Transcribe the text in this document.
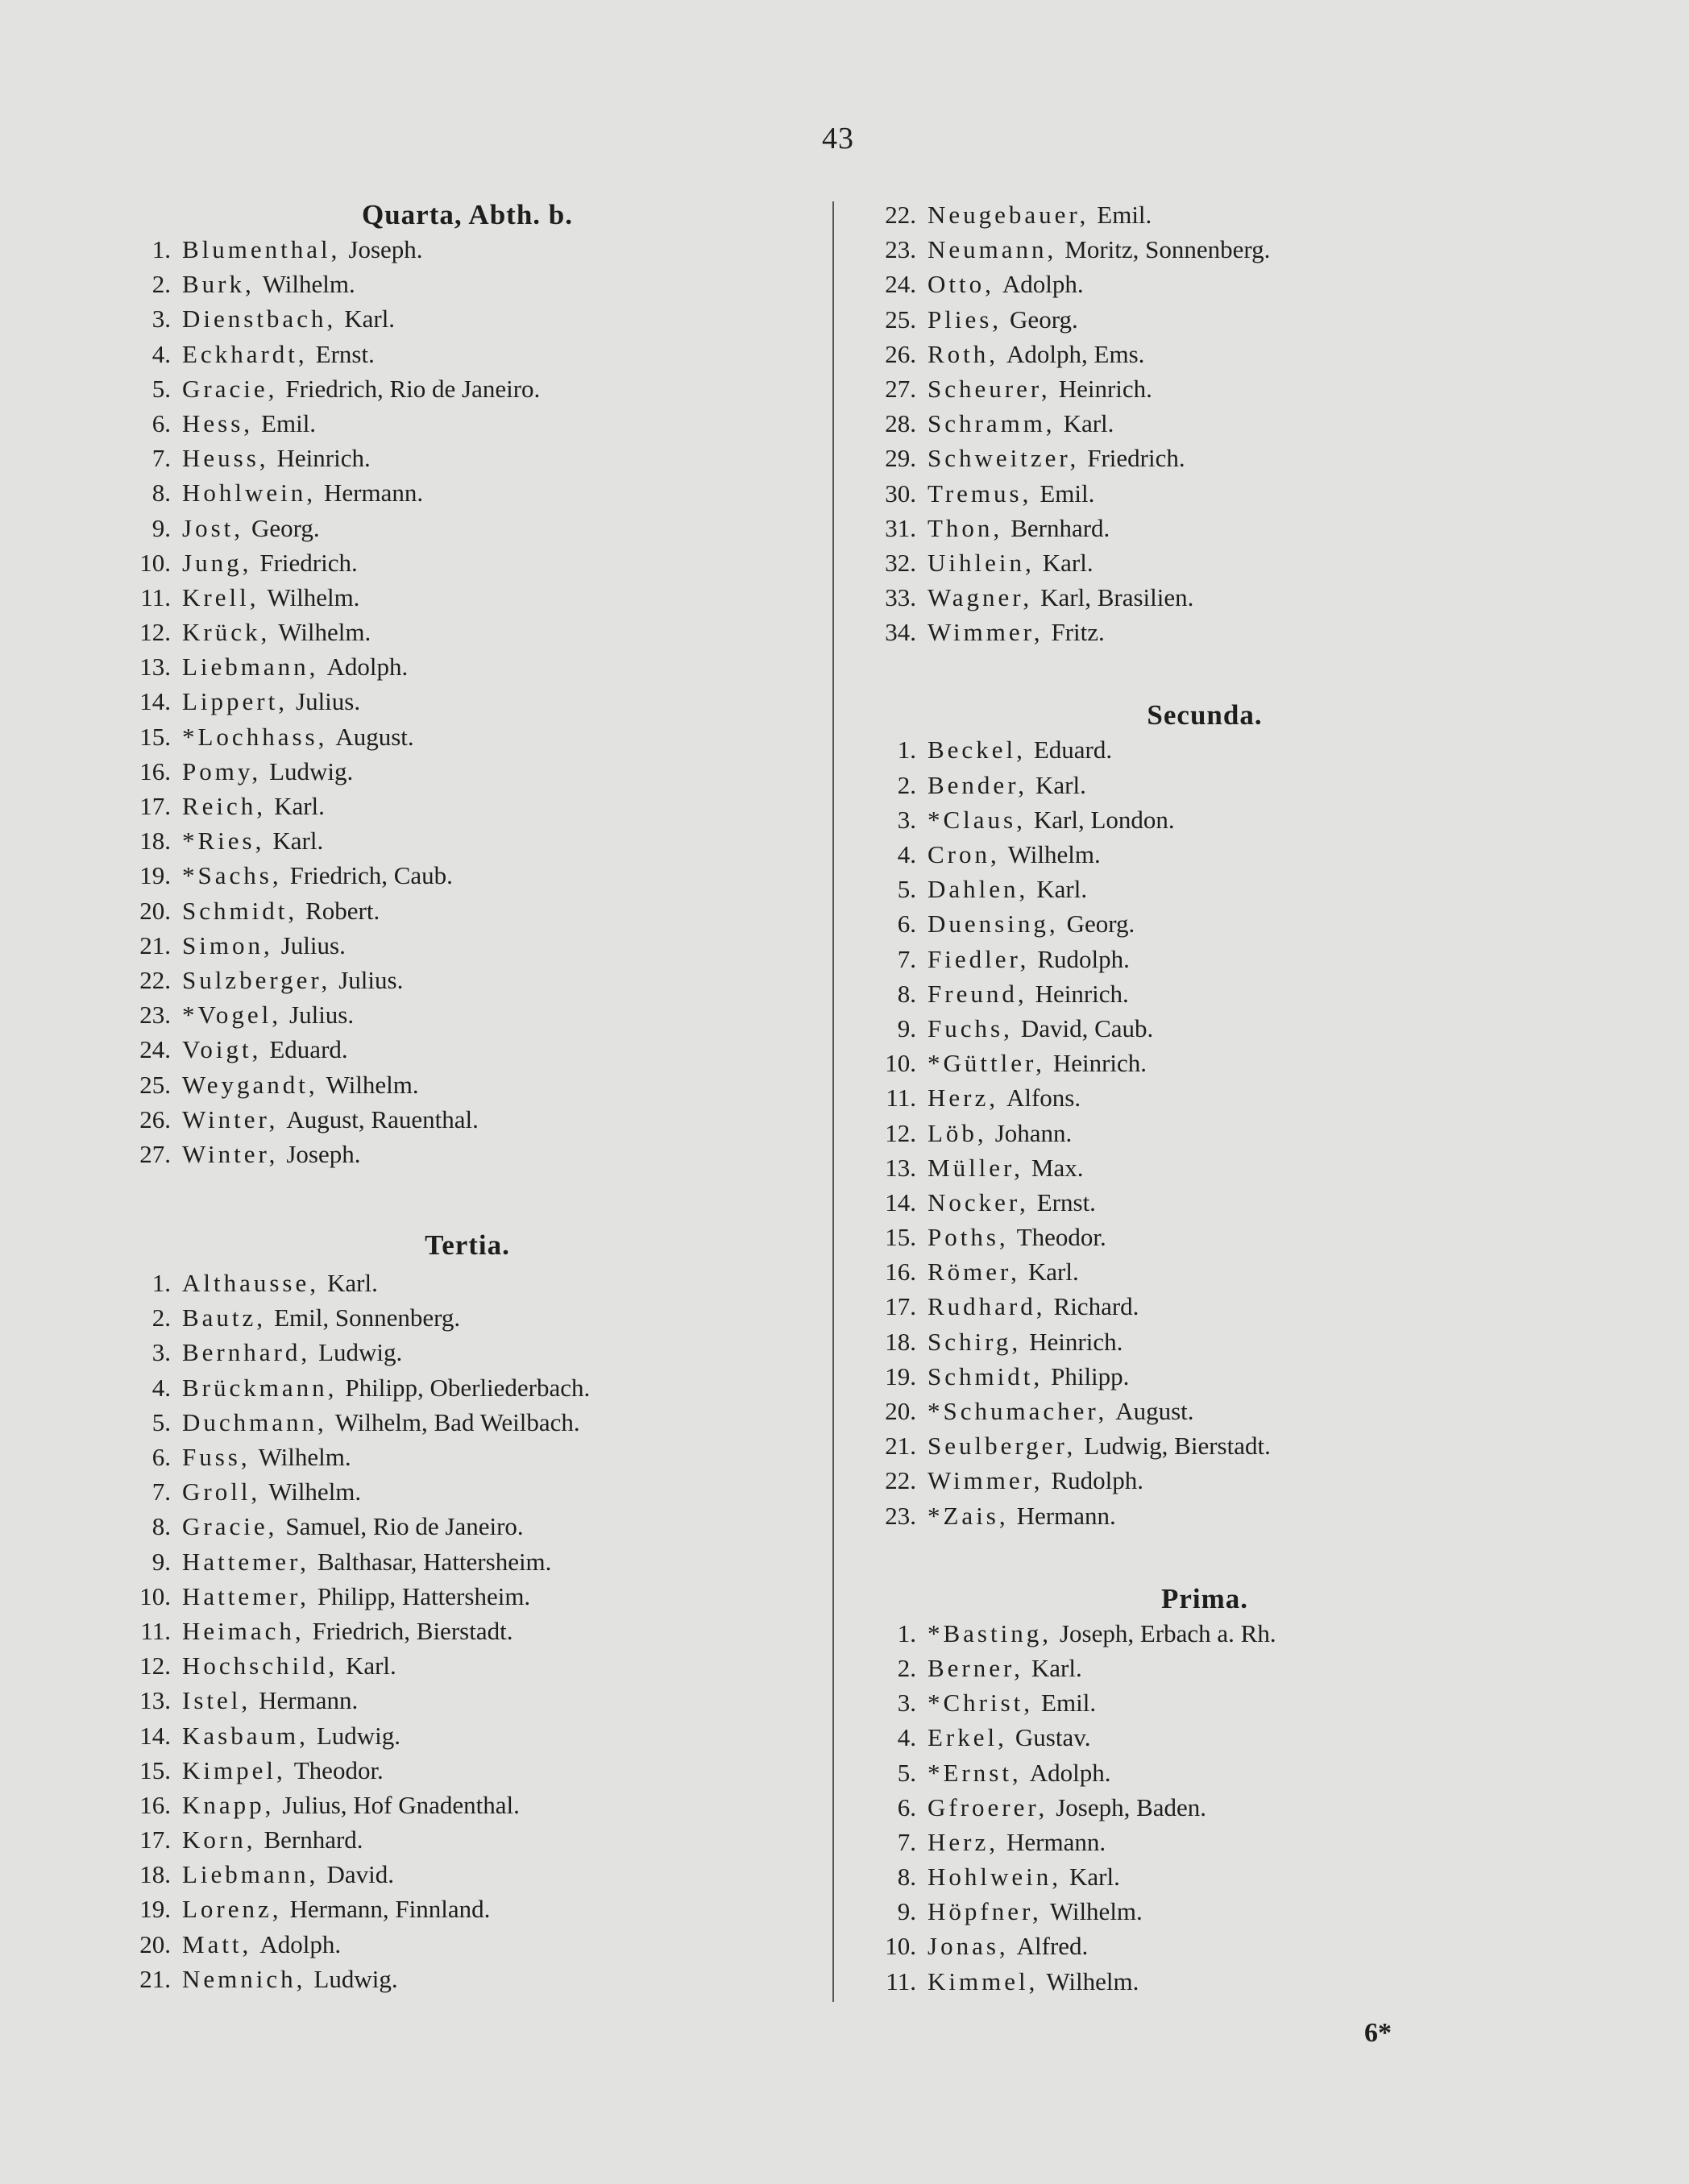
43
Quarta, Abth. b.
1. Blumenthal, Joseph.
2. Burk, Wilhelm.
3. Dienstbach, Karl.
4. Eckhardt, Ernst.
5. Gracie, Friedrich, Rio de Janeiro.
6. Hess, Emil.
7. Heuss, Heinrich.
8. Hohlwein, Hermann.
9. Jost, Georg.
10. Jung, Friedrich.
11. Krell, Wilhelm.
12. Krück, Wilhelm.
13. Liebmann, Adolph.
14. Lippert, Julius.
15. *Lochhass, August.
16. Pomy, Ludwig.
17. Reich, Karl.
18. *Ries, Karl.
19. *Sachs, Friedrich, Caub.
20. Schmidt, Robert.
21. Simon, Julius.
22. Sulzberger, Julius.
23. *Vogel, Julius.
24. Voigt, Eduard.
25. Weygandt, Wilhelm.
26. Winter, August, Rauenthal.
27. Winter, Joseph.
Tertia.
1. Althausse, Karl.
2. Bautz, Emil, Sonnenberg.
3. Bernhard, Ludwig.
4. Brückmann, Philipp, Oberliederbach.
5. Duchmann, Wilhelm, Bad Weilbach.
6. Fuss, Wilhelm.
7. Groll, Wilhelm.
8. Gracie, Samuel, Rio de Janeiro.
9. Hattemer, Balthasar, Hattersheim.
10. Hattemer, Philipp, Hattersheim.
11. Heimach, Friedrich, Bierstadt.
12. Hochschild, Karl.
13. Istel, Hermann.
14. Kasbaum, Ludwig.
15. Kimpel, Theodor.
16. Knapp, Julius, Hof Gnadenthal.
17. Korn, Bernhard.
18. Liebmann, David.
19. Lorenz, Hermann, Finnland.
20. Matt, Adolph.
21. Nemnich, Ludwig.
22. Neugebauer, Emil.
23. Neumann, Moritz, Sonnenberg.
24. Otto, Adolph.
25. Plies, Georg.
26. Roth, Adolph, Ems.
27. Scheurer, Heinrich.
28. Schramm, Karl.
29. Schweitzer, Friedrich.
30. Tremus, Emil.
31. Thon, Bernhard.
32. Uihlein, Karl.
33. Wagner, Karl, Brasilien.
34. Wimmer, Fritz.
Secunda.
1. Beckel, Eduard.
2. Bender, Karl.
3. *Claus, Karl, London.
4. Cron, Wilhelm.
5. Dahlen, Karl.
6. Duensing, Georg.
7. Fiedler, Rudolph.
8. Freund, Heinrich.
9. Fuchs, David, Caub.
10. *Güttler, Heinrich.
11. Herz, Alfons.
12. Löb, Johann.
13. Müller, Max.
14. Nocker, Ernst.
15. Poths, Theodor.
16. Römer, Karl.
17. Rudhard, Richard.
18. Schirg, Heinrich.
19. Schmidt, Philipp.
20. *Schumacher, August.
21. Seulberger, Ludwig, Bierstadt.
22. Wimmer, Rudolph.
23. *Zais, Hermann.
Prima.
1. *Basting, Joseph, Erbach a. Rh.
2. Berner, Karl.
3. *Christ, Emil.
4. Erkel, Gustav.
5. *Ernst, Adolph.
6. Gfroerer, Joseph, Baden.
7. Herz, Hermann.
8. Hohlwein, Karl.
9. Höpfner, Wilhelm.
10. Jonas, Alfred.
11. Kimmel, Wilhelm.
6*
